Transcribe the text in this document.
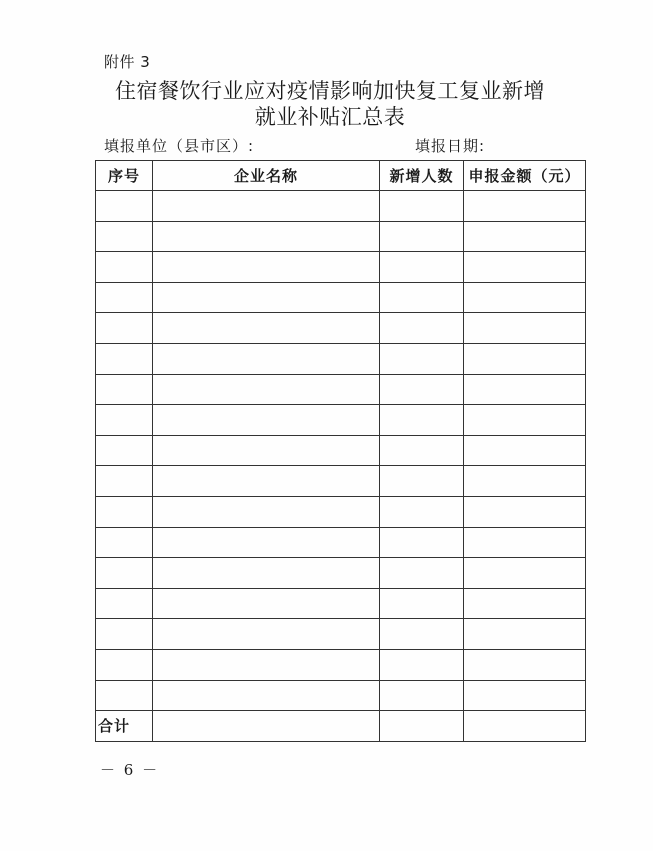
附件 3
住宿餐饮行业应对疫情影响加快复工复业新增
就业补贴汇总表
填报单位（县市区）:	填报日期:
序号	企业名称	新增人数	申报金额（元）

合计			
－ 6 －
